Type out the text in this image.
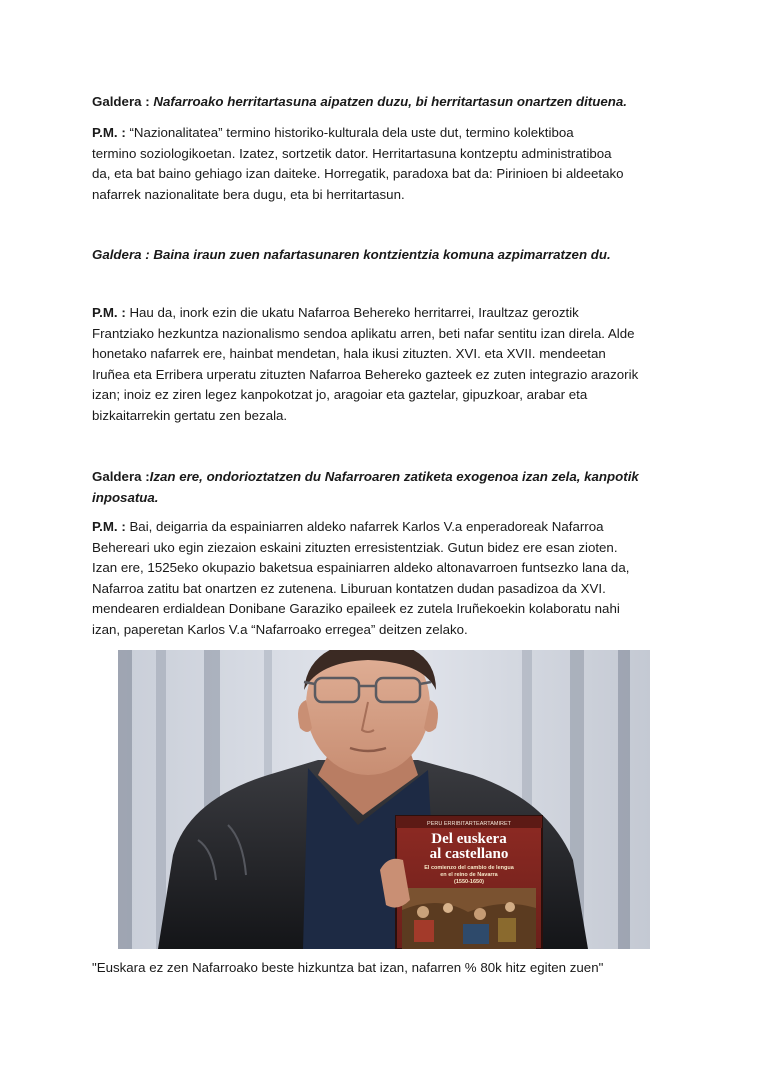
Galdera : Nafarroako herritartasuna aipatzen duzu, bi herritartasun onartzen dituena.

P.M. : “Nazionalitatea” termino historiko-kulturala dela uste dut, termino kolektiboa
termino soziologikoetan. Izatez, sortzetik dator. Herritartasuna kontzeptu administratiboa
da, eta bat baino gehiago izan daiteke. Horregatik, paradoxa bat da: Pirinioen bi aldeetako
nafarrek nazionalitate bera dugu, eta bi herritartasun.

Galdera : Baina iraun zuen nafartasunaren kontzientzia komuna azpimarratzen du.

P.M. : Hau da, inork ezin die ukatu Nafarroa Behereko herritarrei, Iraultzaz geroztik
Frantziako hezkuntza nazionalismo sendoa aplikatu arren, beti nafar sentitu izan direla. Alde
honetako nafarrek ere, hainbat mendetan, hala ikusi zituzten. XVI. eta XVII. mendeetan
Iruñea eta Erribera urperatu zituzten Nafarroa Behereko gazteek ez zuten integrazio arazorik
izan; inoiz ez ziren legez kanpokotzat jo, aragoiar eta gaztelar, gipuzkoar, arabar eta
bizkaitarrekin gertatu zen bezala.

Galdera :Izan ere, ondorioztatzen du Nafarroaren zatiketa exogenoa izan zela, kanpotik
inposatua.

P.M. : Bai, deigarria da espainiarren aldeko nafarrek Karlos V.a enperadoreak Nafarroa
Behereari uko egin ziezaion eskaini zituzten erresistentziak. Gutun bidez ere esan zioten.
Izan ere, 1525eko okupazio baketsua espainiarren aldeko altonavarroen funtsezko lana da,
Nafarroa zatitu bat onartzen ez zutenena. Liburuan kontatzen dudan pasadizoa da XVI.
mendearen erdialdean Donibane Garaziko epaileek ez zutela Iruñekoekin kolaboratu nahi
izan, paperetan Karlos V.a “Nafarroako erregea” deitzen zelako.

"Euskara ez zen Nafarroako beste hizkuntza bat izan, nafarren % 80k hitz egiten zuen"

PERU ERRIBITARTEARTAMIRET
Del euskera
al castellano
El comienzo del cambio de lengua
en el reino de Navarra
(1550-1650)
